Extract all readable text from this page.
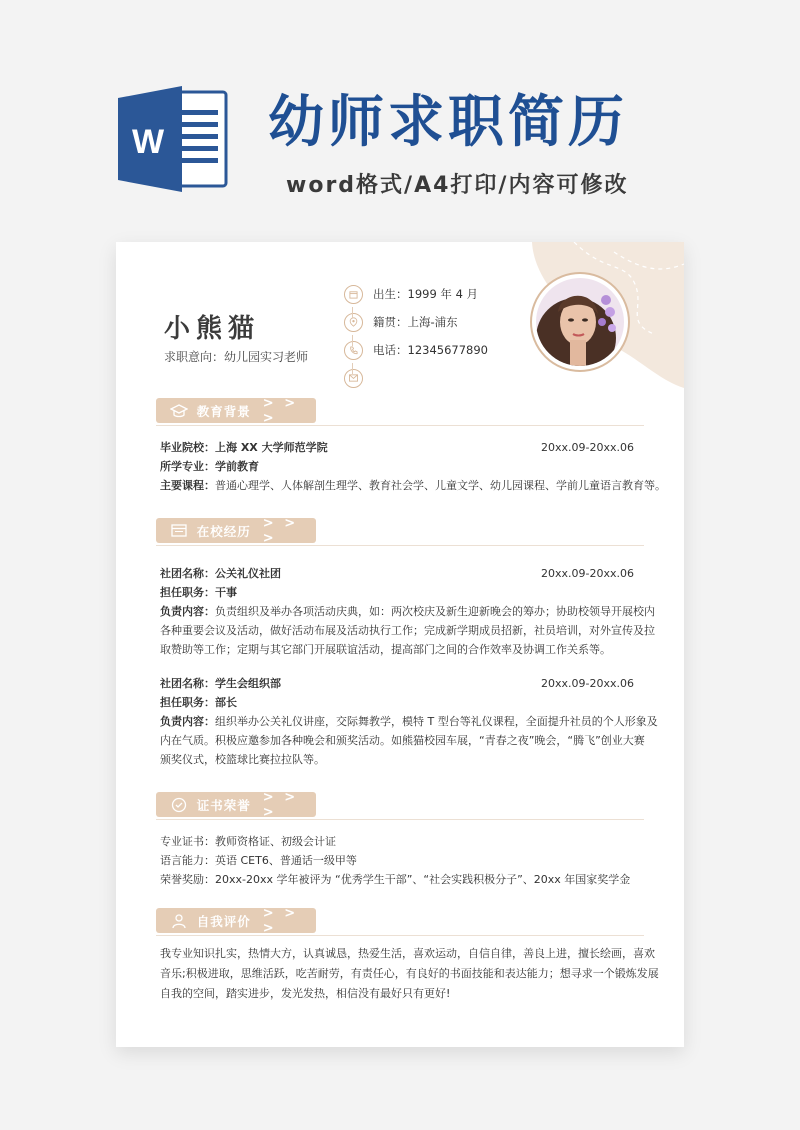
W 幼师求职简历
word格式/A4打印/内容可修改
小熊猫
求职意向：幼儿园实习老师
出生： 1999 年 4 月
籍贯： 上海-浦东
电话： 12345677890
教育背景
> > >
毕业院校：上海 XX 大学师范学院	20xx.09-20xx.06
所学专业：学前教育
主要课程：普通心理学、人体解剖生理学、教育社会学、儿童文学、幼儿园课程、学前儿童语言教育等。
在校经历
> > >
社团名称：公关礼仪社团	20xx.09-20xx.06
担任职务：干事
负责内容：负责组织及举办各项活动庆典，如：两次校庆及新生迎新晚会的筹办；协助校领导开展校内
各种重要会议及活动，做好活动布展及活动执行工作；完成新学期成员招新，社员培训，对外宣传及拉
取赞助等工作；定期与其它部门开展联谊活动，提高部门之间的合作效率及协调工作关系等。
社团名称：学生会组织部	20xx.09-20xx.06
担任职务：部长
负责内容：组织举办公关礼仪讲座，交际舞教学，模特 T 型台等礼仪课程，全面提升社员的个人形象及
内在气质。积极应邀参加各种晚会和颁奖活动。如熊猫校园车展，“青春之夜”晚会，“腾飞”创业大赛
颁奖仪式，校篮球比赛拉拉队等。
证书荣誉
> > >
专业证书：教师资格证、初级会计证
语言能力：英语 CET6、普通话一级甲等
荣誉奖励：20xx-20xx 学年被评为 “优秀学生干部”、“社会实践积极分子”、20xx 年国家奖学金
自我评价
> > >
我专业知识扎实，热情大方，认真诚恳，热爱生活，喜欢运动，自信自律，善良上进，擅长绘画，喜欢
音乐;积极进取，思维活跃，吃苦耐劳，有责任心，有良好的书面技能和表达能力；想寻求一个锻炼发展
自我的空间，踏实进步，发光发热，相信没有最好只有更好!
